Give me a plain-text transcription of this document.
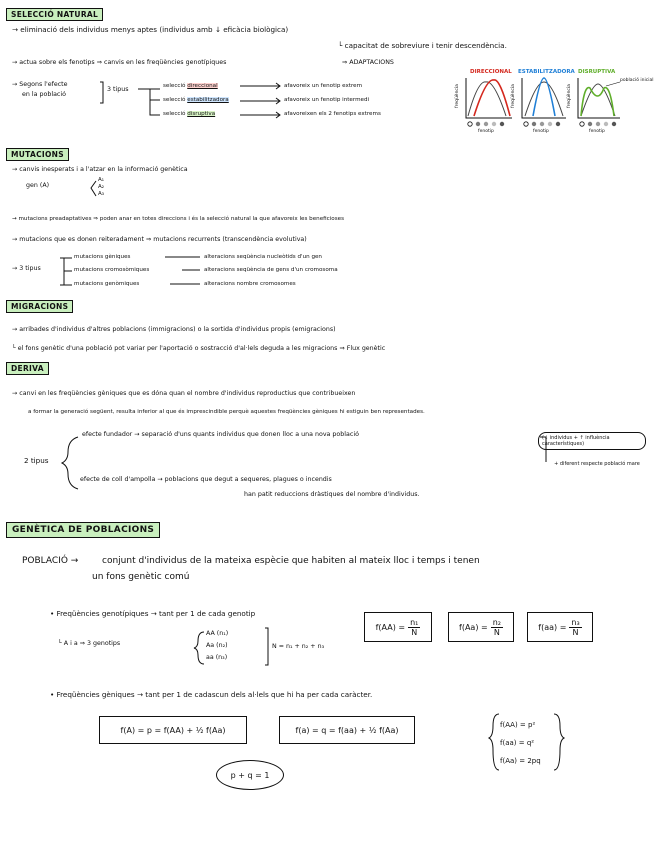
SELECCIÓ NATURAL
→ eliminació dels individus menys aptes (individus amb ↓ eficàcia biològica)
└ capacitat de sobreviure i tenir descendència.
→ actua sobre els fenotips ⇒ canvis en les freqüències genotípiques	⇒ ADAPTACIONS
→ Segons l'efecte
en la població
3 tipus	selecció direccional
selecció estabilitzadora
selecció disruptiva
afavoreix un fenotip extrem
afavoreix un fenotip intermedi
afavoreixen els 2 fenotips extrems
DIRECCIONAL ESTABILITZADORA DISRUPTIVA
població inicial
freqüència	freqüència	freqüència
fenotip	fenotip	fenotip
MUTACIONS
→ canvis inesperats i a l'atzar en la informació genètica
gen (A)
A₁
A₂
A₃
→ mutacions preadaptatives ⇒ poden anar en totes direccions i és la selecció natural la que afavoreix les beneficioses
→ mutacions que es donen reiteradament ⇒ mutacions recurrents (transcendència evolutiva)
→ 3 tipus
mutacions gèniques
mutacions cromosòmiques
mutacions genòmiques
alteracions seqüència nucleòtids d'un gen
alteracions seqüència de gens d'un cromosoma
alteracions nombre cromosomes
MIGRACIONS
→ arribades d'individus d'altres poblacions (immigracions) o la sortida d'individus propis (emigracions)
└ el fons genètic d'una població pot variar per l'aportació o sostracció d'al·lels deguda a les migracions ⇒ Flux genètic
DERIVA
→ canvi en les freqüències gèniques que es dóna quan el nombre d'individus reproductius que contribueixen
a formar la generació següent, resulta inferior al que és imprescindible perquè aquestes freqüències gèniques hi estiguin ben representades.
2 tipus
efecte fundador → separació d'uns quants individus que donen lloc a una nova població	(↓ individus + ↑ influència característiques)
+ diferent respecte població mare
efecte de coll d'ampolla → poblacions que degut a sequeres, plagues o incendis
han patit reduccions dràstiques del nombre d'individus.
GENÈTICA DE POBLACIONS
POBLACIÓ →	conjunt d'individus de la mateixa espècie que habiten al mateix lloc i temps i tenen
un fons genètic comú
• Freqüències genotípiques → tant per 1 de cada genotip
└ A i a ⇒ 3 genotips
AA (n₁)
Aa (n₂)
aa (n₃)
N = n₁ + n₂ + n₃
$f(AA) = \frac{\text{n₁}}{N}$	$f(Aa) = \frac{\text{n₂}}{N}$	$f(aa) = \frac{\text{n₃}}{N}$
• Freqüències gèniques → tant per 1 de cadascun dels al·lels que hi ha per cada caràcter.
f(A) = p = f(AA) + ½ f(Aa)	f(a) = q = f(aa) + ½ f(Aa)
f(AA) = p²
f(aa) = q²
f(Aa) = 2pq
p + q = 1
